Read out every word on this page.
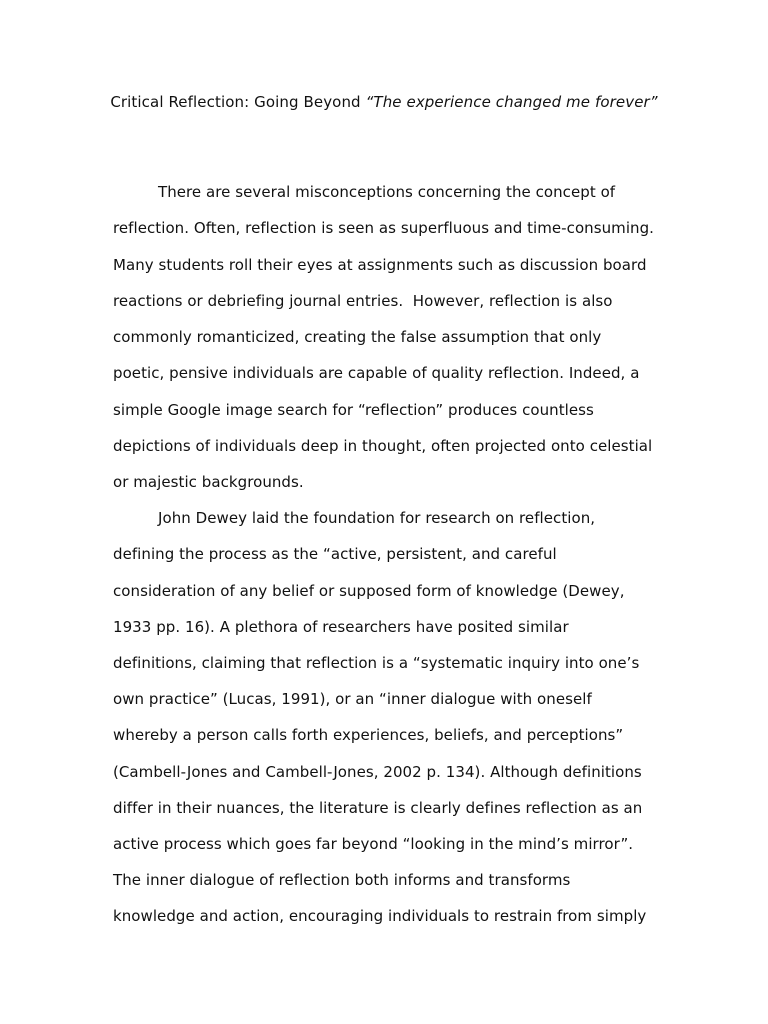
Critical Reflection: Going Beyond “The experience changed me forever”
There are several misconceptions concerning the concept of
reflection. Often, reflection is seen as superfluous and time-consuming.
Many students roll their eyes at assignments such as discussion board
reactions or debriefing journal entries.  However, reflection is also
commonly romanticized, creating the false assumption that only
poetic, pensive individuals are capable of quality reflection. Indeed, a
simple Google image search for “reflection” produces countless
depictions of individuals deep in thought, often projected onto celestial
or majestic backgrounds.
John Dewey laid the foundation for research on reflection,
defining the process as the “active, persistent, and careful
consideration of any belief or supposed form of knowledge (Dewey,
1933 pp. 16). A plethora of researchers have posited similar
definitions, claiming that reflection is a “systematic inquiry into one’s
own practice” (Lucas, 1991), or an “inner dialogue with oneself
whereby a person calls forth experiences, beliefs, and perceptions”
(Cambell-Jones and Cambell-Jones, 2002 p. 134). Although definitions
differ in their nuances, the literature is clearly defines reflection as an
active process which goes far beyond “looking in the mind’s mirror”.
The inner dialogue of reflection both informs and transforms
knowledge and action, encouraging individuals to restrain from simply
